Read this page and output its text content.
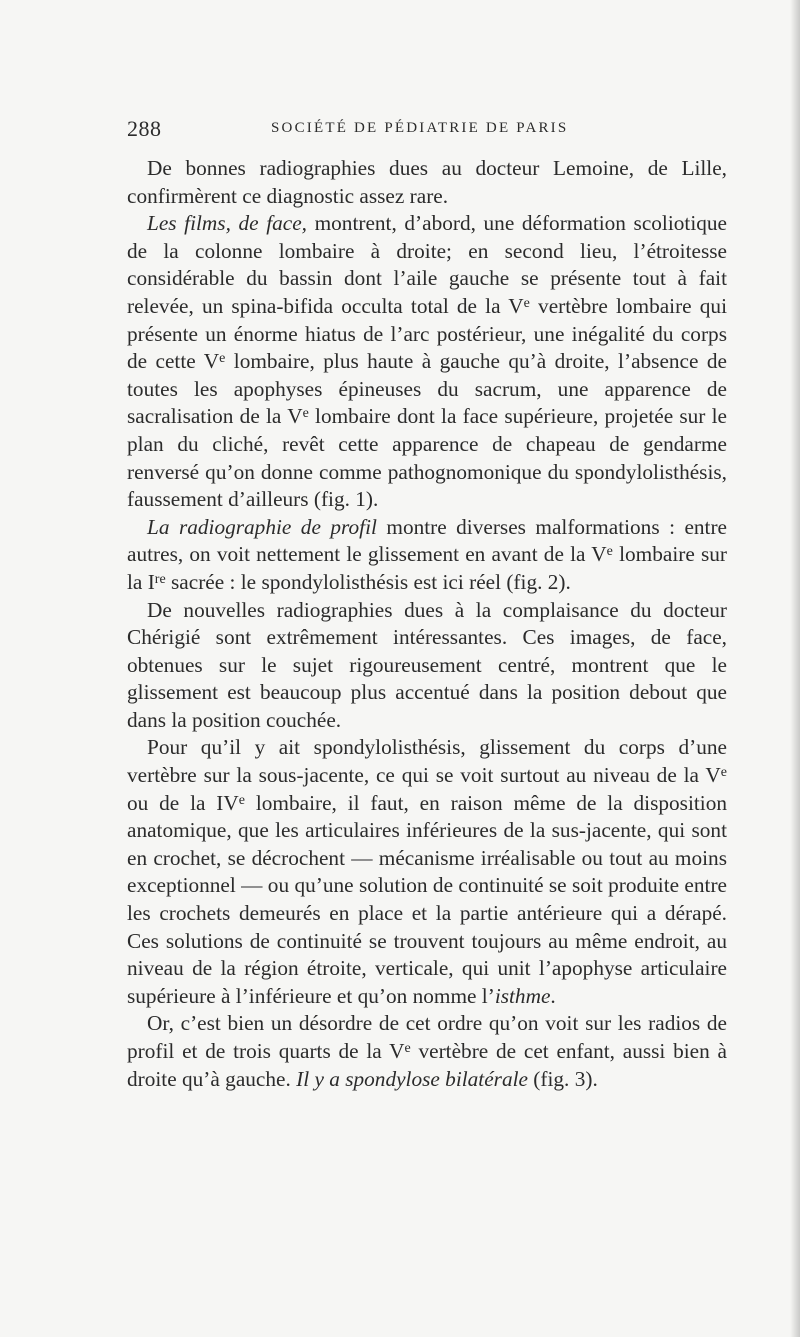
288	SOCIÉTÉ DE PÉDIATRIE DE PARIS

De bonnes radiographies dues au docteur Lemoine, de Lille, confirmèrent ce diagnostic assez rare.

Les films, de face, montrent, d’abord, une déformation scoliotique de la colonne lombaire à droite; en second lieu, l’étroitesse considérable du bassin dont l’aile gauche se présente tout à fait relevée, un spina-bifida occulta total de la Ve vertèbre lombaire qui présente un énorme hiatus de l’arc postérieur, une inégalité du corps de cette Ve lombaire, plus haute à gauche qu’à droite, l’absence de toutes les apophyses épineuses du sacrum, une apparence de sacralisation de la Ve lombaire dont la face supérieure, projetée sur le plan du cliché, revêt cette apparence de chapeau de gendarme renversé qu’on donne comme pathognomonique du spondylolisthésis, faussement d’ailleurs (fig. 1).

La radiographie de profil montre diverses malformations : entre autres, on voit nettement le glissement en avant de la Ve lombaire sur la Ire sacrée : le spondylolisthésis est ici réel (fig. 2).

De nouvelles radiographies dues à la complaisance du docteur Chérigié sont extrêmement intéressantes. Ces images, de face, obtenues sur le sujet rigoureusement centré, montrent que le glissement est beaucoup plus accentué dans la position debout que dans la position couchée.

Pour qu’il y ait spondylolisthésis, glissement du corps d’une vertèbre sur la sous-jacente, ce qui se voit surtout au niveau de la Ve ou de la IVe lombaire, il faut, en raison même de la disposition anatomique, que les articulaires inférieures de la sus-jacente, qui sont en crochet, se décrochent — mécanisme irréalisable ou tout au moins exceptionnel — ou qu’une solution de continuité se soit produite entre les crochets demeurés en place et la partie antérieure qui a dérapé. Ces solutions de continuité se trouvent toujours au même endroit, au niveau de la région étroite, verticale, qui unit l’apophyse articulaire supérieure à l’inférieure et qu’on nomme l’isthme.

Or, c’est bien un désordre de cet ordre qu’on voit sur les radios de profil et de trois quarts de la Ve vertèbre de cet enfant, aussi bien à droite qu’à gauche. Il y a spondylose bilatérale (fig. 3).
